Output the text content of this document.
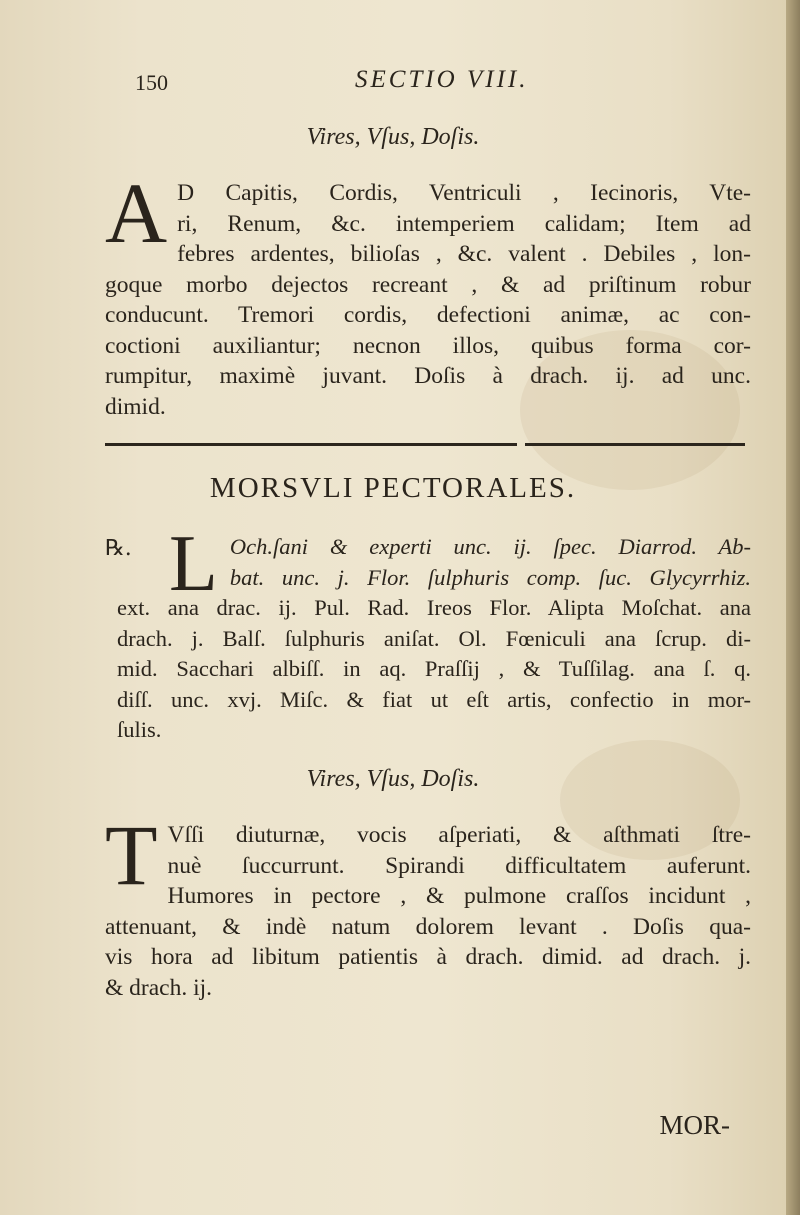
150	SECTIO VIII.
Vires, Vſus, Doſis.
A D Capitis, Cordis, Ventriculi , Iecinoris, Vte-
ri, Renum, &c. intemperiem calidam; Item ad
febres ardentes, bilioſas , &c. valent . Debiles , lon-
goque morbo dejectos recreant , & ad priſtinum robur
conducunt. Tremori cordis, defectioni animæ, ac con-
coctioni auxiliantur; necnon illos, quibus forma cor-
rumpitur, maximè juvant. Doſis à drach. ij. ad unc.
dimid.
MORSVLI PECTORALES.
℞. L Och.ſani & experti unc. ij. ſpec. Diarrod. Ab-
bat. unc. j. Flor. ſulphuris comp. ſuc. Glycyrrhiz.
ext. ana drac. ij. Pul. Rad. Ireos Flor. Alipta Moſchat. ana
drach. j. Balſ. ſulphuris aniſat. Ol. Fœniculi ana ſcrup. di-
mid. Sacchari albiſſ. in aq. Praſſij , & Tuſſilag. ana ſ. q.
diſſ. unc. xvj. Miſc. & fiat ut eſt artis, confectio in mor-
ſulis.
Vires, Vſus, Doſis.
T Vſſi diuturnæ, vocis aſperiati, & aſthmati ſtre-
nuè ſuccurrunt. Spirandi difficultatem auferunt.
Humores in pectore , & pulmone craſſos incidunt ,
attenuant, & indè natum dolorem levant . Doſis qua-
vis hora ad libitum patientis à drach. dimid. ad drach. j.
& drach. ij.
MOR-
